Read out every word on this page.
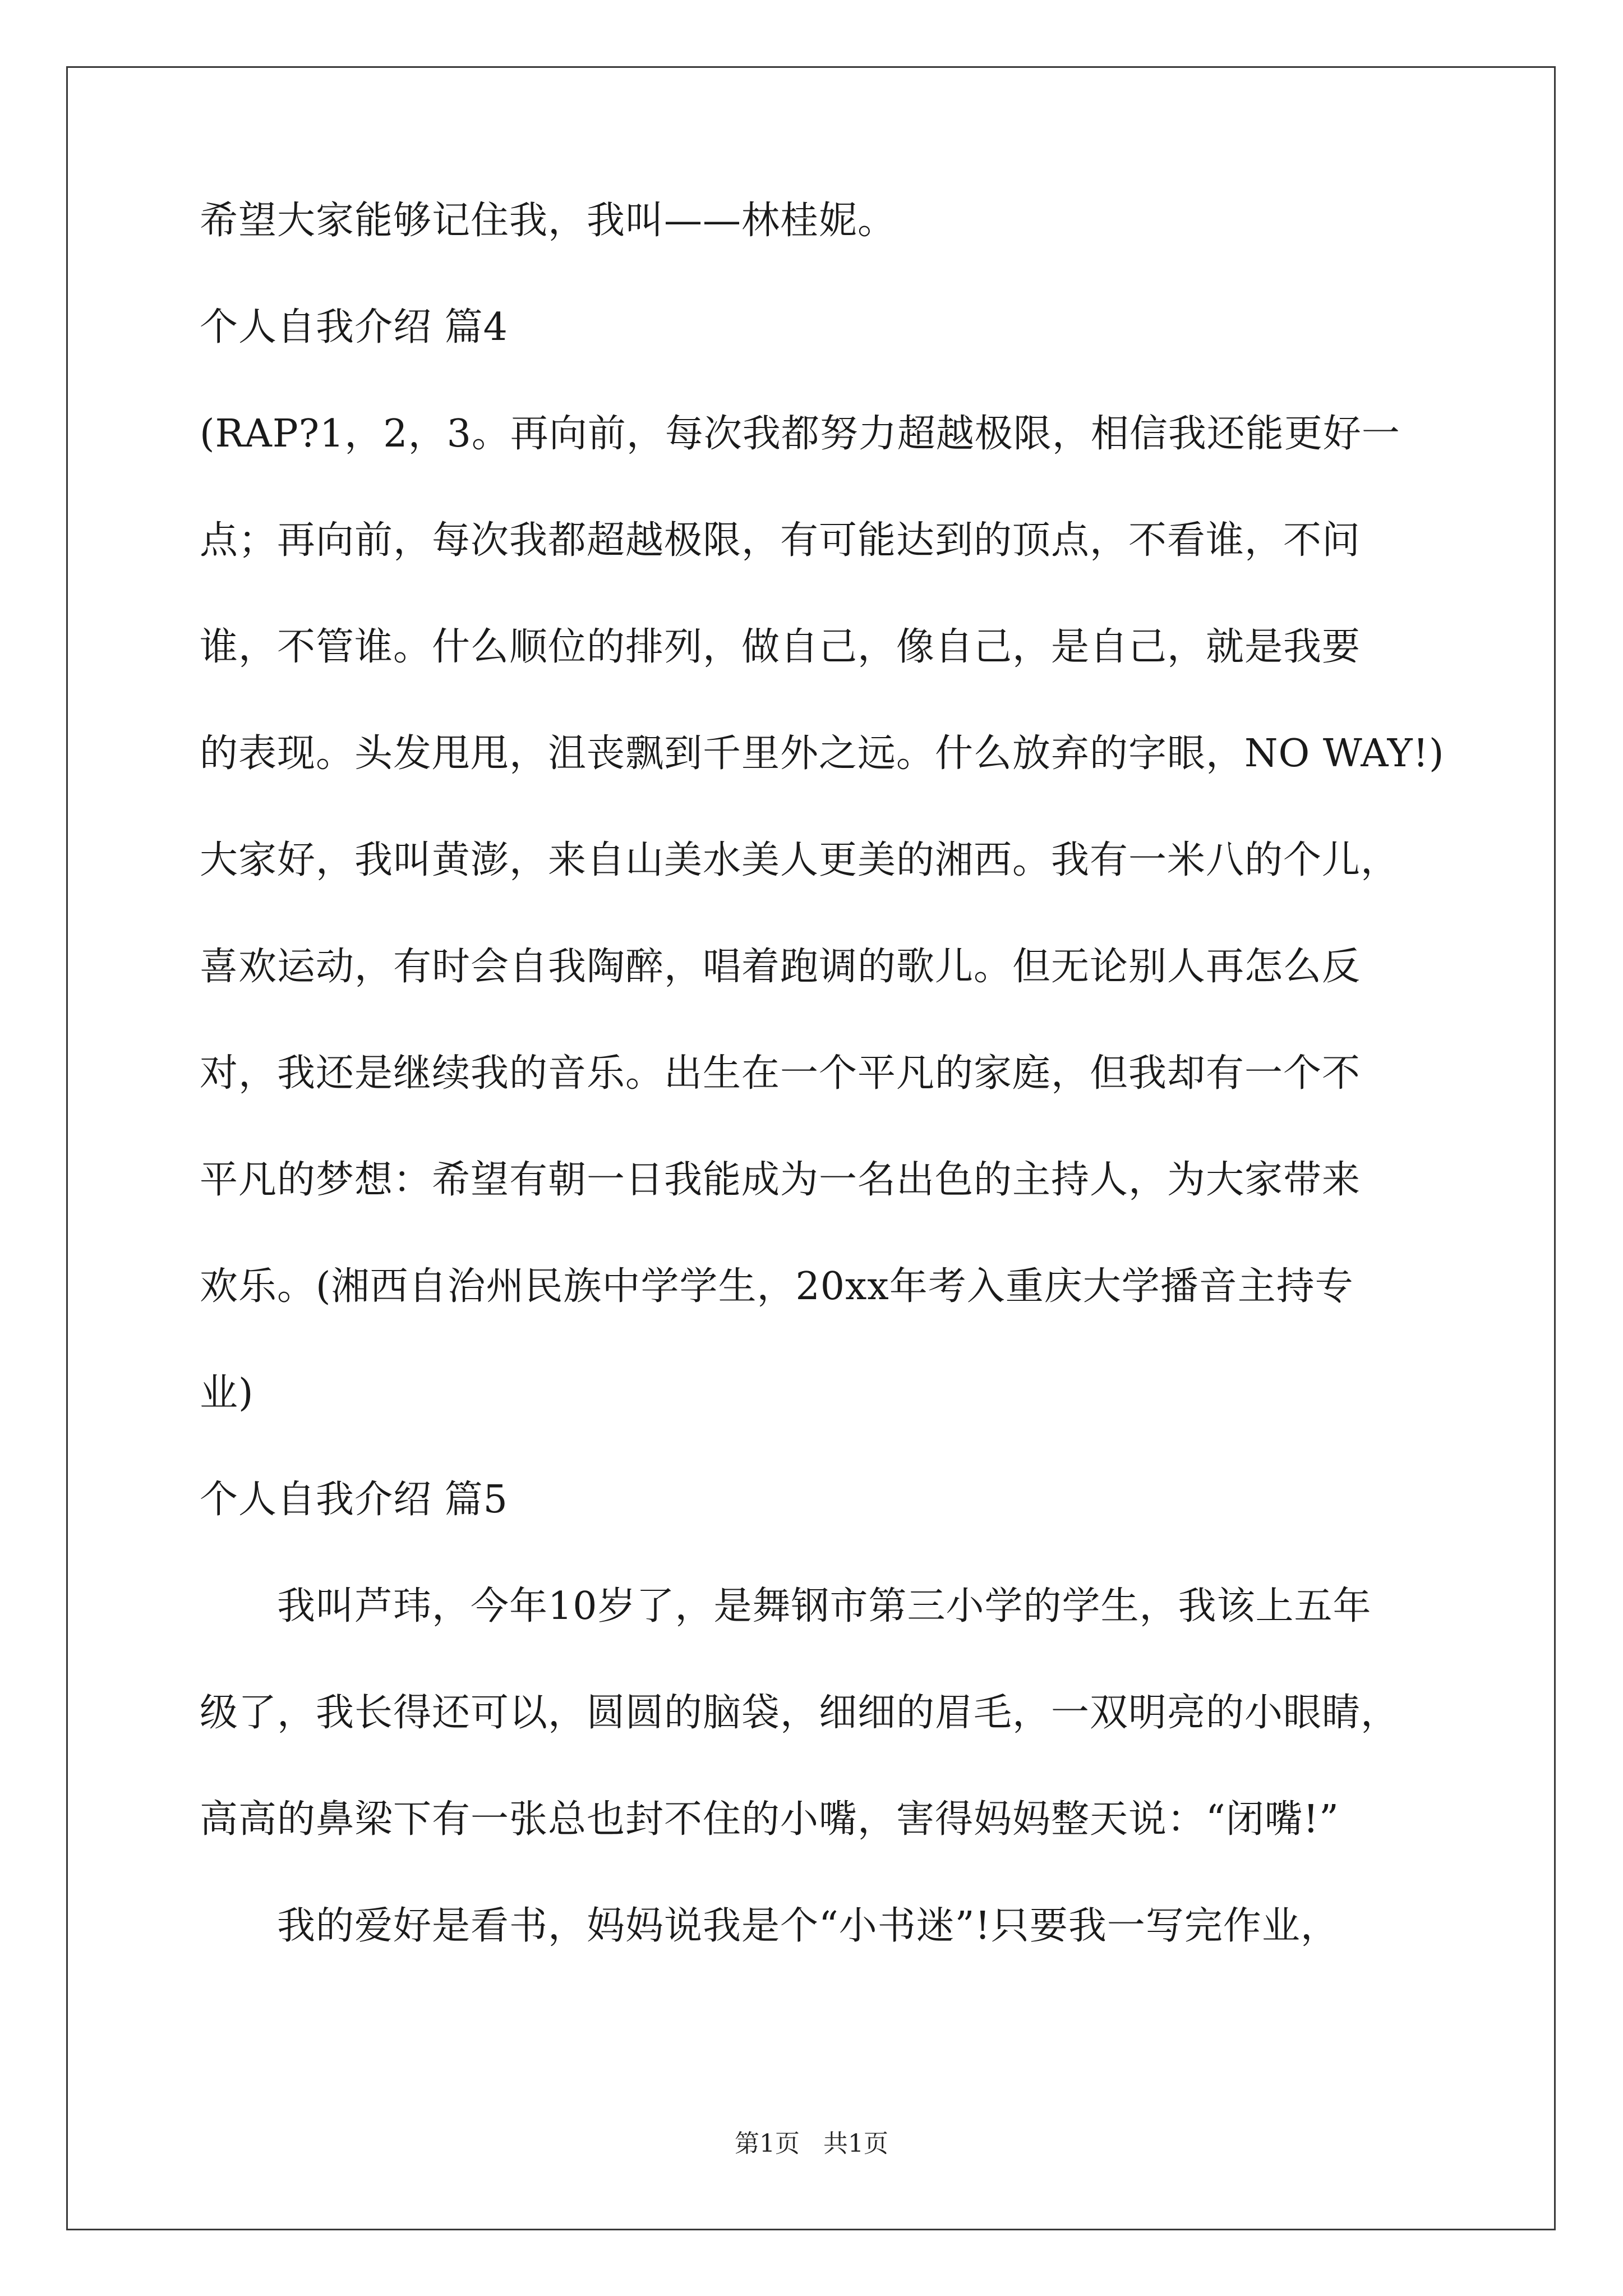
希望大家能够记住我，我叫——林桂妮。
个人自我介绍 篇4
(RAP?1，2，3。再向前，每次我都努力超越极限，相信我还能更好一
点；再向前，每次我都超越极限，有可能达到的顶点，不看谁，不问
谁，不管谁。什么顺位的排列，做自己，像自己，是自己，就是我要
的表现。头发甩甩，沮丧飘到千里外之远。什么放弃的字眼，NO WAY!)
大家好，我叫黄澎，来自山美水美人更美的湘西。我有一米八的个儿，
喜欢运动，有时会自我陶醉，唱着跑调的歌儿。但无论别人再怎么反
对，我还是继续我的音乐。出生在一个平凡的家庭，但我却有一个不
平凡的梦想：希望有朝一日我能成为一名出色的主持人，为大家带来
欢乐。(湘西自治州民族中学学生，20xx年考入重庆大学播音主持专
业)
个人自我介绍 篇5
我叫芦玮，今年10岁了，是舞钢市第三小学的学生，我该上五年
级了，我长得还可以，圆圆的脑袋，细细的眉毛，一双明亮的小眼睛，
高高的鼻梁下有一张总也封不住的小嘴，害得妈妈整天说：“闭嘴!”
我的爱好是看书，妈妈说我是个“小书迷”!只要我一写完作业，
第1页 共1页
